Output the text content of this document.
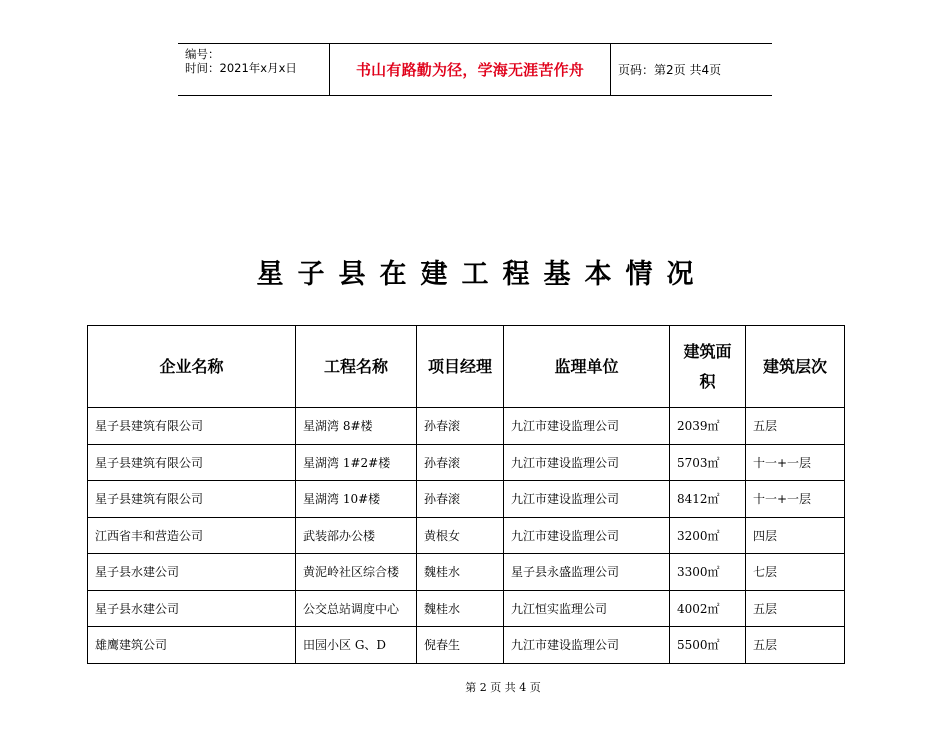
编号：
时间：2021年x月x日	书山有路勤为径，学海无涯苦作舟	页码：第2页 共4页
星子县在建工程基本情况
企业名称	工程名称	项目经理	监理单位	建筑面积	建筑层次
星子县建筑有限公司	星湖湾 8#楼	孙春滚	九江市建设监理公司	2039㎡	五层
星子县建筑有限公司	星湖湾 1#2#楼	孙春滚	九江市建设监理公司	5703㎡	十一+一层
星子县建筑有限公司	星湖湾 10#楼	孙春滚	九江市建设监理公司	8412㎡	十一+一层
江西省丰和营造公司	武装部办公楼	黄根女	九江市建设监理公司	3200㎡	四层
星子县水建公司	黄泥岭社区综合楼	魏桂水	星子县永盛监理公司	3300㎡	七层
星子县水建公司	公交总站调度中心	魏桂水	九江恒实监理公司	4002㎡	五层
雄鹰建筑公司	田园小区 G、D	倪春生	九江市建设监理公司	5500㎡	五层
第 2 页 共 4 页
